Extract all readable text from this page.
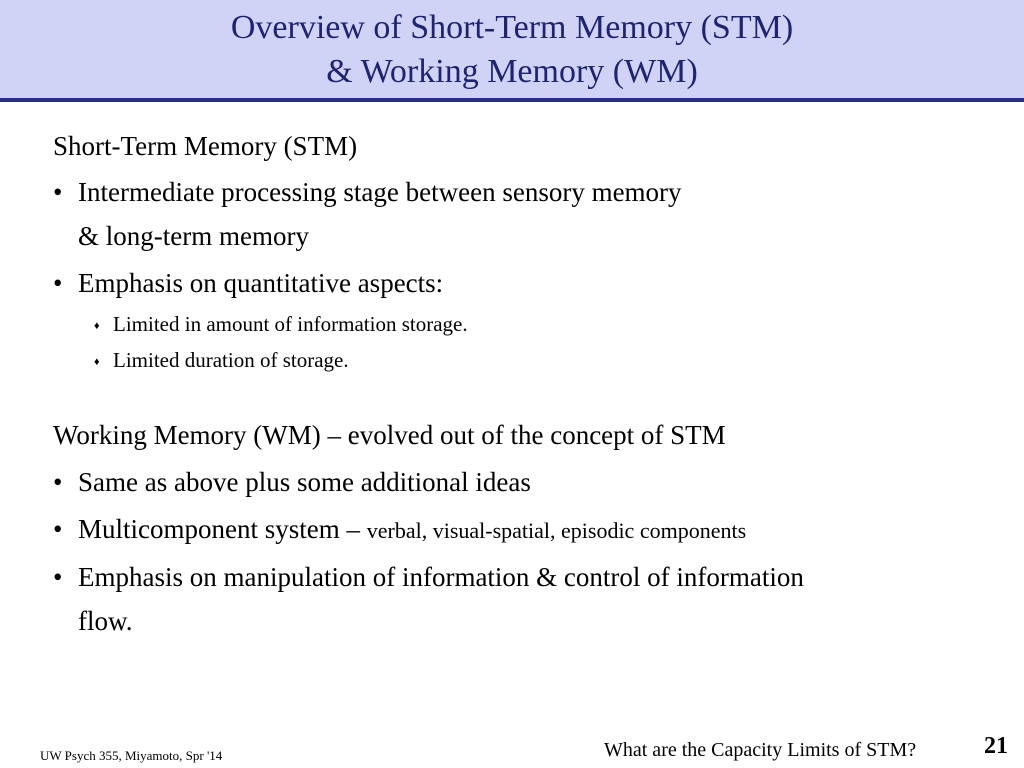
Overview of Short-Term Memory (STM)
& Working Memory (WM)
Short-Term Memory (STM)
• Intermediate processing stage between sensory memory
& long-term memory
• Emphasis on quantitative aspects:
♦ Limited in amount of information storage.
♦ Limited duration of storage.
Working Memory (WM) – evolved out of the concept of STM
• Same as above plus some additional ideas
• Multicomponent system – verbal, visual-spatial, episodic components
• Emphasis on manipulation of information & control of information
flow.
UW Psych 355, Miyamoto, Spr '14	What are the Capacity Limits of STM?	21
